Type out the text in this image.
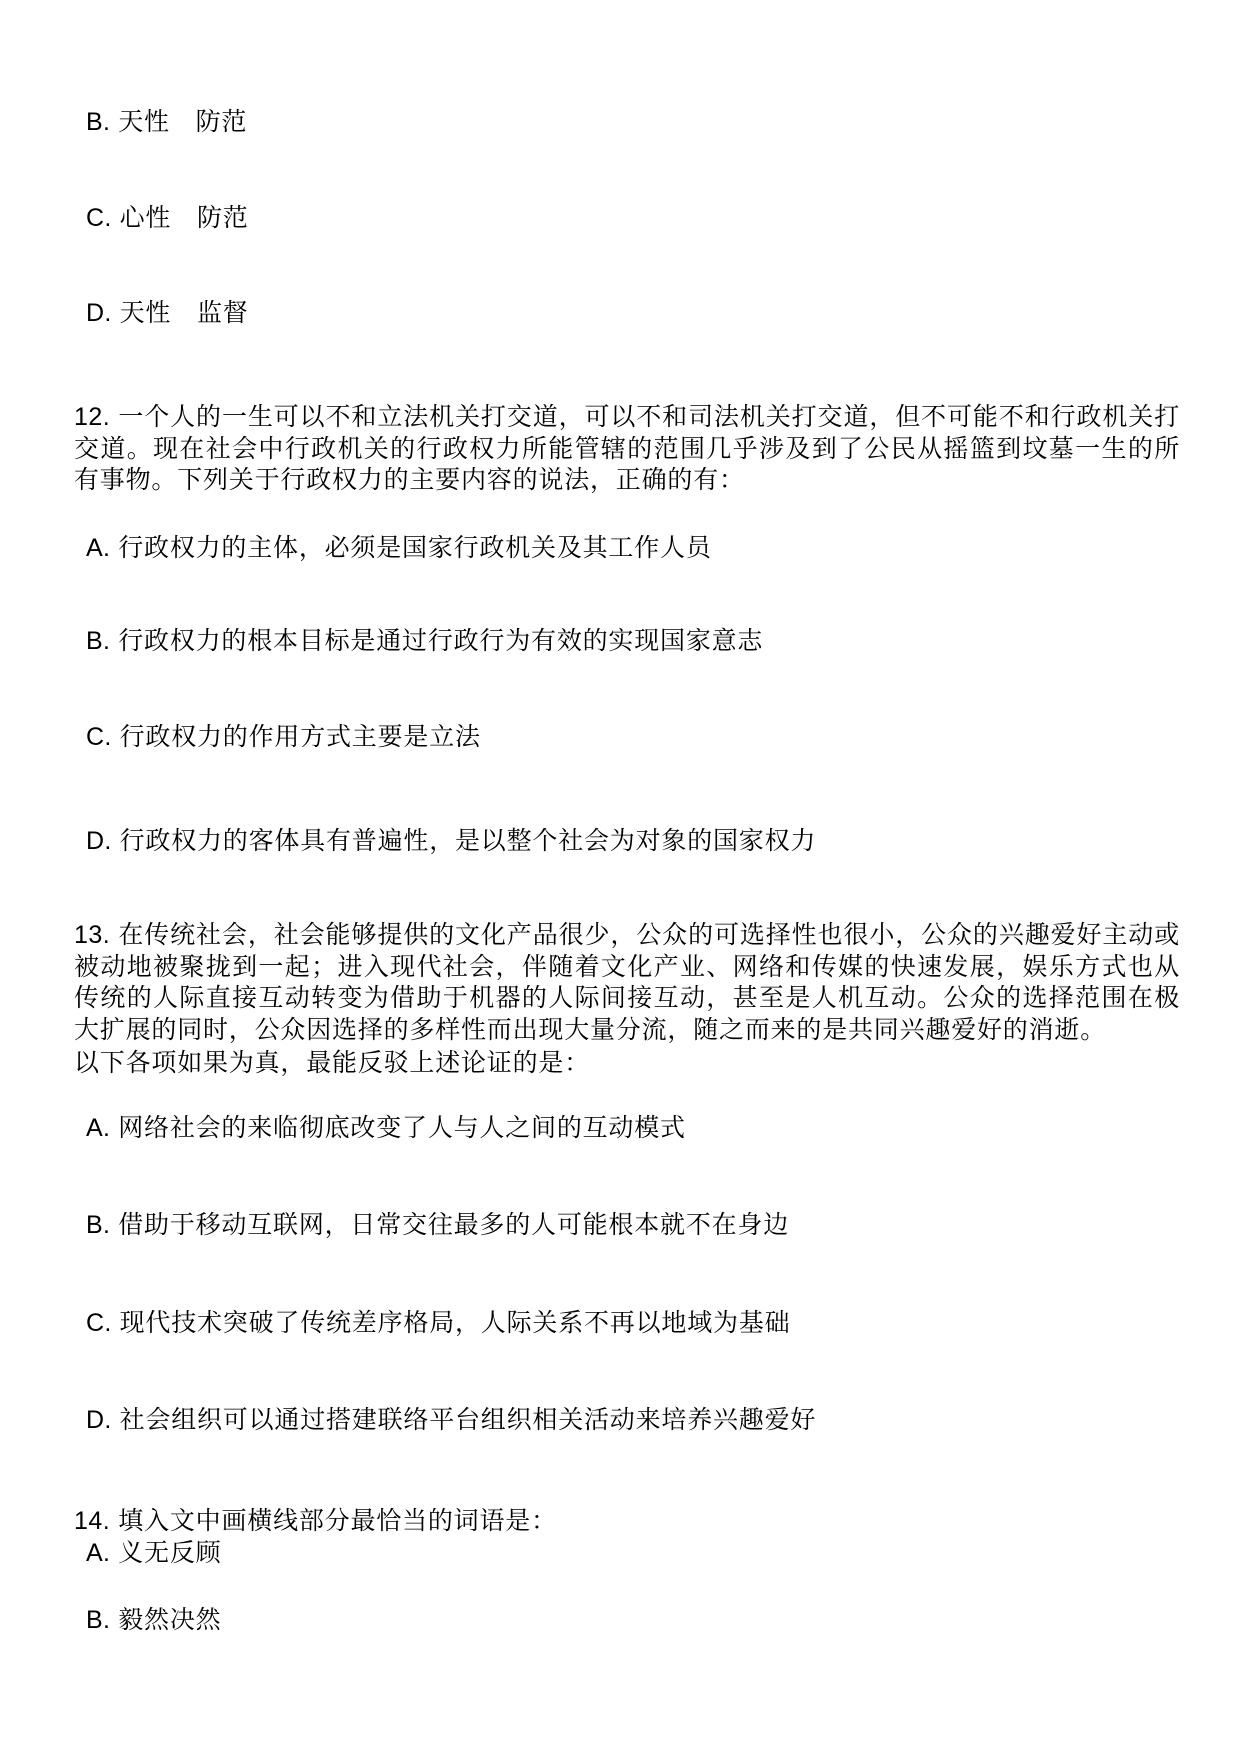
B. 天性　防范
C. 心性　防范
D. 天性　监督
12. 一个人的一生可以不和立法机关打交道，可以不和司法机关打交道，但不可能不和行政机关打交道。现在社会中行政机关的行政权力所能管辖的范围几乎涉及到了公民从摇篮到坟墓一生的所有事物。下列关于行政权力的主要内容的说法，正确的有：
A. 行政权力的主体，必须是国家行政机关及其工作人员
B. 行政权力的根本目标是通过行政行为有效的实现国家意志
C. 行政权力的作用方式主要是立法
D. 行政权力的客体具有普遍性，是以整个社会为对象的国家权力
13. 在传统社会，社会能够提供的文化产品很少，公众的可选择性也很小，公众的兴趣爱好主动或被动地被聚拢到一起；进入现代社会，伴随着文化产业、网络和传媒的快速发展，娱乐方式也从传统的人际直接互动转变为借助于机器的人际间接互动，甚至是人机互动。公众的选择范围在极大扩展的同时，公众因选择的多样性而出现大量分流，随之而来的是共同兴趣爱好的消逝。
以下各项如果为真，最能反驳上述论证的是：
A. 网络社会的来临彻底改变了人与人之间的互动模式
B. 借助于移动互联网，日常交往最多的人可能根本就不在身边
C. 现代技术突破了传统差序格局，人际关系不再以地域为基础
D. 社会组织可以通过搭建联络平台组织相关活动来培养兴趣爱好
14. 填入文中画横线部分最恰当的词语是：
A. 义无反顾
B. 毅然决然
